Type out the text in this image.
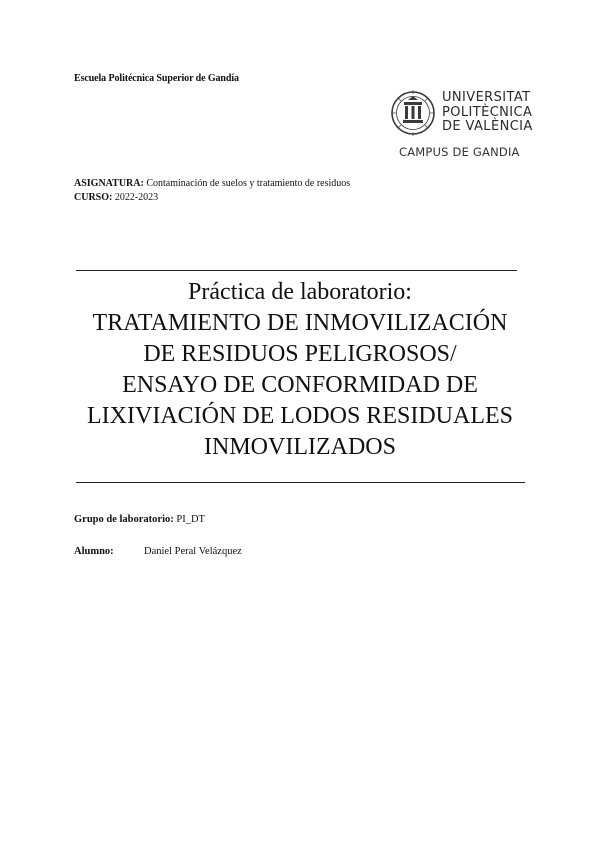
Escuela Politécnica Superior de Gandía
UNIVERSITAT
POLITÈCNICA
DE VALÈNCIA
CAMPUS DE GANDIA
ASIGNATURA: Contaminación de suelos y tratamiento de residuos
CURSO: 2022-2023
Práctica de laboratorio:
TRATAMIENTO DE INMOVILIZACIÓN
DE RESIDUOS PELIGROSOS/
ENSAYO DE CONFORMIDAD DE
LIXIVIACIÓN DE LODOS RESIDUALES
INMOVILIZADOS
Grupo de laboratorio: PI_DT
Alumno:	Daniel Peral Velázquez
